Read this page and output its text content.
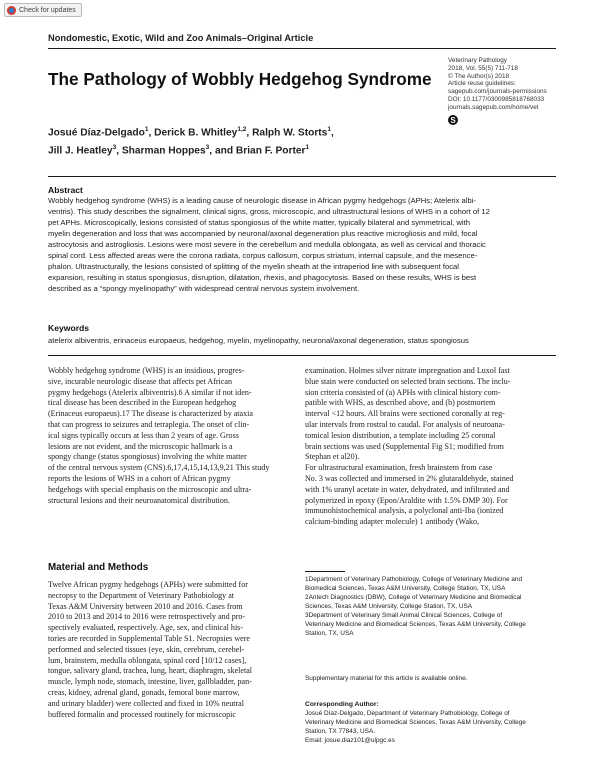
Check for updates
Nondomestic, Exotic, Wild and Zoo Animals–Original Article
The Pathology of Wobbly Hedgehog Syndrome
Veterinary Pathology
2018, Vol. 55(5) 711-718
© The Author(s) 2018
Article reuse guidelines:
sagepub.com/journals-permissions
DOI: 10.1177/0300985818768033
journals.sagepub.com/home/vet
S
Josué Díaz-Delgado$^1$, Derick B. Whitley$^{1,2}$, Ralph W. Storts$^1$,
Jill J. Heatley$^3$, Sharman Hoppes$^3$, and Brian F. Porter$^1$
Abstract
Wobbly hedgehog syndrome (WHS) is a leading cause of neurologic disease in African pygmy hedgehogs (APHs; Atelerix albi-
ventris). This study describes the signalment, clinical signs, gross, microscopic, and ultrastructural lesions of WHS in a cohort of 12
pet APHs. Microscopically, lesions consisted of status spongiosus of the white matter, typically bilateral and symmetrical, with
myelin degeneration and loss that was accompanied by neuronal/axonal degeneration plus reactive microgliosis and mild, focal
astrocytosis and astrogliosis. Lesions were most severe in the cerebellum and medulla oblongata, as well as cervical and thoracic
spinal cord. Less affected areas were the corona radiata, corpus callosum, corpus striatum, internal capsule, and the mesence-
phalon. Ultrastructurally, the lesions consisted of splitting of the myelin sheath at the intraperiod line with subsequent focal
expansion, resulting in status spongiosus, disruption, dilatation, rhexis, and phagocytosis. Based on these results, WHS is best
described as a “spongy myelinopathy” with widespread central nervous system involvement.
Keywords
atelerix albiventris, erinaceus europaeus, hedgehog, myelin, myelinopathy, neuronal/axonal degeneration, status spongiosus
Wobbly hedgehog syndrome (WHS) is an insidious, progres-
sive, incurable neurologic disease that affects pet African
pygmy hedgehogs (Atelerix albiventris).6 A similar if not iden-
tical disease has been described in the European hedgehog
(Erinaceus europaeus).17 The disease is characterized by ataxia
that can progress to seizures and tetraplegia. The onset of clin-
ical signs typically occurs at less than 2 years of age. Gross
lesions are not evident, and the microscopic hallmark is a
spongy change (status spongiosus) involving the white matter
of the central nervous system (CNS).6,17,4,15,14,13,9,21 This study
reports the lesions of WHS in a cohort of African pygmy
hedgehogs with special emphasis on the microscopic and ultra-
structural lesions and their neuroanatomical distribution.
Material and Methods
Twelve African pygmy hedgehogs (APHs) were submitted for
necropsy to the Department of Veterinary Pathobiology at
Texas A&M University between 2010 and 2016. Cases from
2010 to 2013 and 2014 to 2016 were retrospectively and pro-
spectively evaluated, respectively. Age, sex, and clinical his-
tories are recorded in Supplemental Table S1. Necropsies were
performed and selected tissues (eye, skin, cerebrum, cerebel-
lum, brainstem, medulla oblongata, spinal cord [10/12 cases],
tongue, salivary gland, trachea, lung, heart, diaphragm, skeletal
muscle, lymph node, stomach, intestine, liver, gallbladder, pan-
creas, kidney, adrenal gland, gonads, femoral bone marrow,
and urinary bladder) were collected and fixed in 10% neutral
buffered formalin and processed routinely for microscopic
examination. Holmes silver nitrate impregnation and Luxol fast
blue stain were conducted on selected brain sections. The inclu-
sion criteria consisted of (a) APHs with clinical history com-
patible with WHS, as described above, and (b) postmortem
interval <12 hours. All brains were sectioned coronally at reg-
ular intervals from rostral to caudal. For analysis of neuroana-
tomical lesion distribution, a template including 25 coronal
brain sections was used (Supplemental Fig S1; modified from
Stephan et al20).
For ultrastructural examination, fresh brainstem from case
No. 3 was collected and immersed in 2% glutaraldehyde, stained
with 1% uranyl acetate in water, dehydrated, and infiltrated and
polymerized in epoxy (Epon/Araldite with 1.5% DMP 30). For
immunohistochemical analysis, a polyclonal anti-Iba (ionized
calcium-binding adapter molecule) 1 antibody (Wako,
1Department of Veterinary Pathobiology, College of Veterinary Medicine and
Biomedical Sciences, Texas A&M University, College Station, TX, USA
2Antech Diagnostics (DBW), College of Veterinary Medicine and Biomedical
Sciences, Texas A&M University, College Station, TX, USA
3Department of Veterinary Small Animal Clinical Sciences, College of
Veterinary Medicine and Biomedical Sciences, Texas A&M University, College
Station, TX, USA
Supplementary material for this article is available online.
Corresponding Author:
Josué Díaz-Delgado, Department of Veterinary Pathobiology, College of
Veterinary Medicine and Biomedical Sciences, Texas A&M University, College
Station, TX 77843, USA.
Email: josue.diaz101@ulpgc.es
